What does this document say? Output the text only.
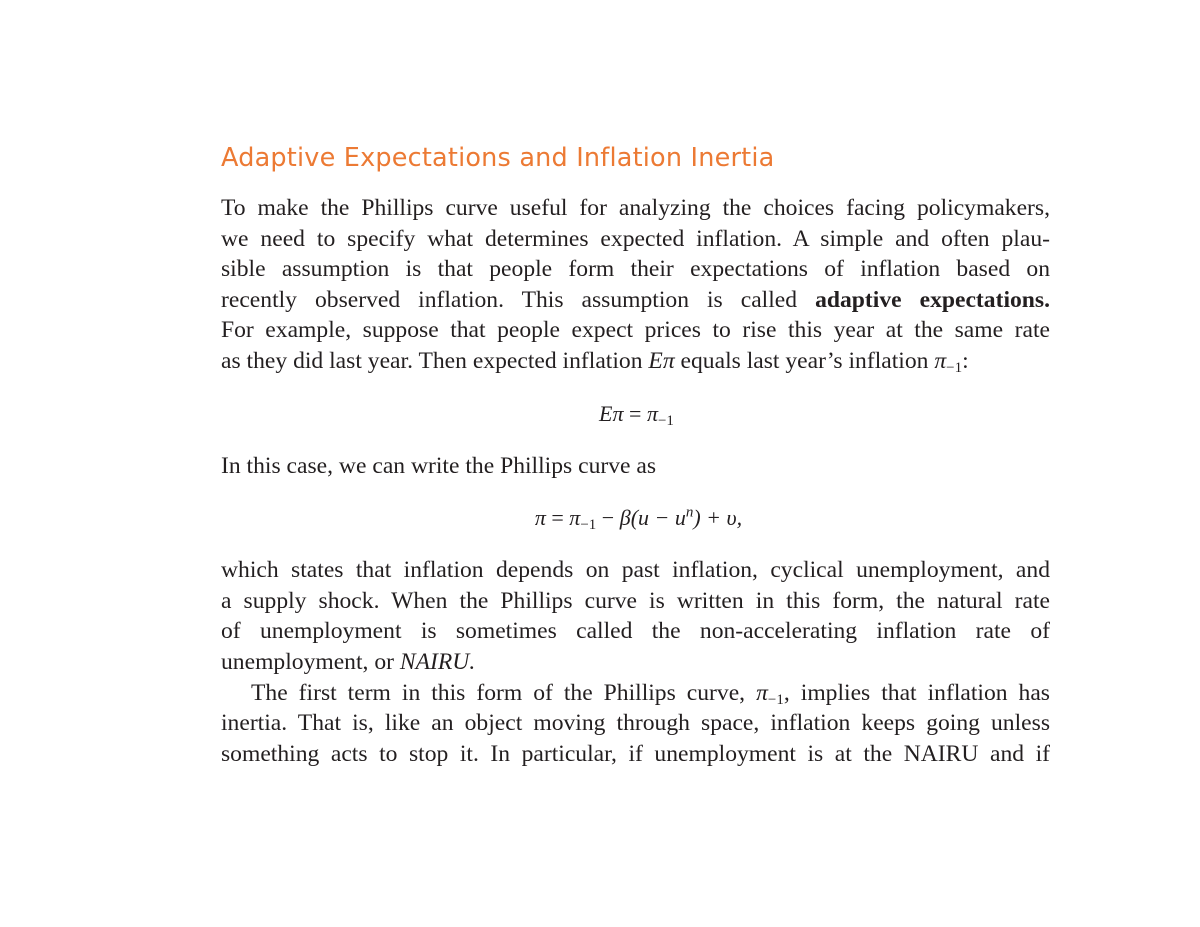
Adaptive Expectations and Inflation Inertia

To make the Phillips curve useful for analyzing the choices facing policymakers,
we need to specify what determines expected inflation. A simple and often plau-
sible assumption is that people form their expectations of inflation based on
recently observed inflation. This assumption is called adaptive expectations.
For example, suppose that people expect prices to rise this year at the same rate
as they did last year. Then expected inflation Eπ equals last year’s inflation $\pi_{-1}$:

$E\pi = \pi_{-1}$

In this case, we can write the Phillips curve as

$\pi = \pi_{-1} - \beta(u - u^n) + \upsilon$,

which states that inflation depends on past inflation, cyclical unemployment, and
a supply shock. When the Phillips curve is written in this form, the natural rate
of unemployment is sometimes called the non-accelerating inflation rate of
unemployment, or NAIRU.
The first term in this form of the Phillips curve, $\pi_{-1}$, implies that inflation has
inertia. That is, like an object moving through space, inflation keeps going unless
something acts to stop it. In particular, if unemployment is at the NAIRU and if
